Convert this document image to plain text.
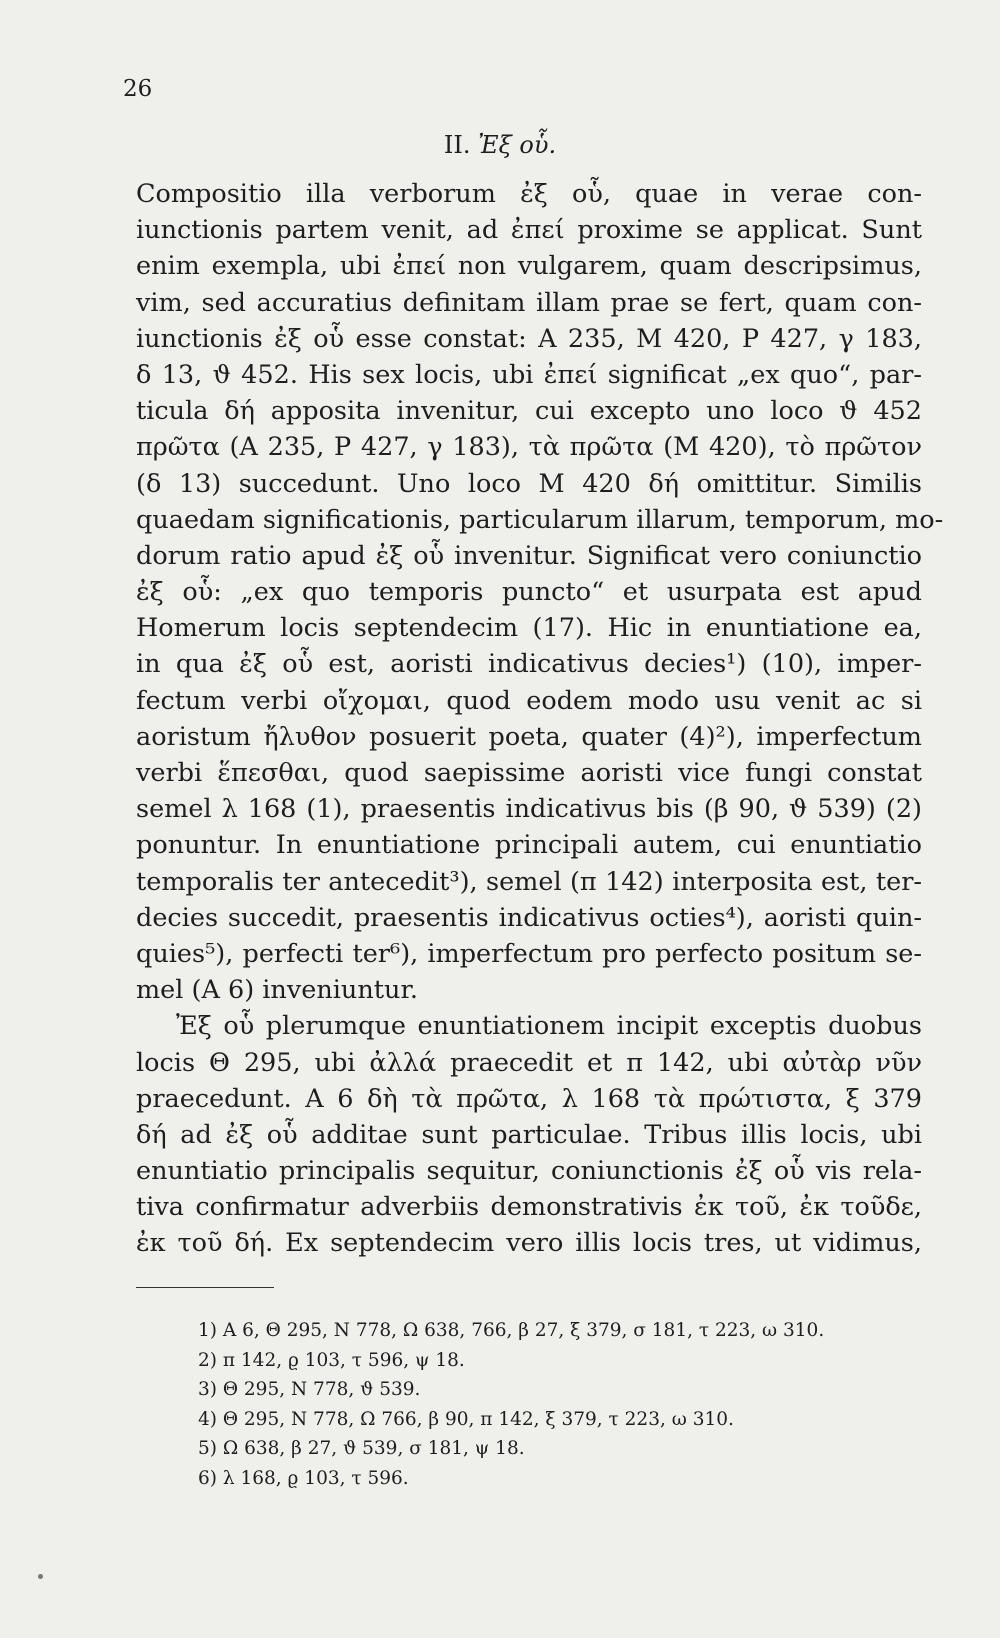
26
II. Ἐξ οὗ.
Compositio illa verborum ἐξ οὗ, quae in verae con-
iunctionis partem venit, ad ἐπεί proxime se applicat. Sunt
enim exempla, ubi ἐπεί non vulgarem, quam descripsimus,
vim, sed accuratius definitam illam prae se fert, quam con-
iunctionis ἐξ οὗ esse constat: A 235, M 420, P 427, γ 183,
δ 13, ϑ 452. His sex locis, ubi ἐπεί significat „ex quo“, par-
ticula δή apposita invenitur, cui excepto uno loco ϑ 452
πρῶτα (A 235, P 427, γ 183), τὰ πρῶτα (M 420), τὸ πρῶτον
(δ 13) succedunt. Uno loco M 420 δή omittitur. Similis
quaedam significationis, particularum illarum, temporum, mo-
dorum ratio apud ἐξ οὗ invenitur. Significat vero coniunctio
ἐξ οὗ: „ex quo temporis puncto“ et usurpata est apud
Homerum locis septendecim (17). Hic in enuntiatione ea,
in qua ἐξ οὗ est, aoristi indicativus decies¹) (10), imper-
fectum verbi οἴχομαι, quod eodem modo usu venit ac si
aoristum ἤλυθον posuerit poeta, quater (4)²), imperfectum
verbi ἕπεσθαι, quod saepissime aoristi vice fungi constat
semel λ 168 (1), praesentis indicativus bis (β 90, ϑ 539) (2)
ponuntur. In enuntiatione principali autem, cui enuntiatio
temporalis ter antecedit³), semel (π 142) interposita est, ter-
decies succedit, praesentis indicativus octies⁴), aoristi quin-
quies⁵), perfecti ter⁶), imperfectum pro perfecto positum se-
mel (A 6) inveniuntur.
Ἐξ οὗ plerumque enuntiationem incipit exceptis duobus
locis Θ 295, ubi ἀλλά praecedit et π 142, ubi αὐτὰρ νῦν
praecedunt. A 6 δὴ τὰ πρῶτα, λ 168 τὰ πρώτιστα, ξ 379
δή ad ἐξ οὗ additae sunt particulae. Tribus illis locis, ubi
enuntiatio principalis sequitur, coniunctionis ἐξ οὗ vis rela-
tiva confirmatur adverbiis demonstrativis ἐκ τοῦ, ἐκ τοῦδε,
ἐκ τοῦ δή. Ex septendecim vero illis locis tres, ut vidimus,
1) A 6, Θ 295, N 778, Ω 638, 766, β 27, ξ 379, σ 181, τ 223, ω 310.
2) π 142, ϱ 103, τ 596, ψ 18.
3) Θ 295, N 778, ϑ 539.
4) Θ 295, N 778, Ω 766, β 90, π 142, ξ 379, τ 223, ω 310.
5) Ω 638, β 27, ϑ 539, σ 181, ψ 18.
6) λ 168, ϱ 103, τ 596.
